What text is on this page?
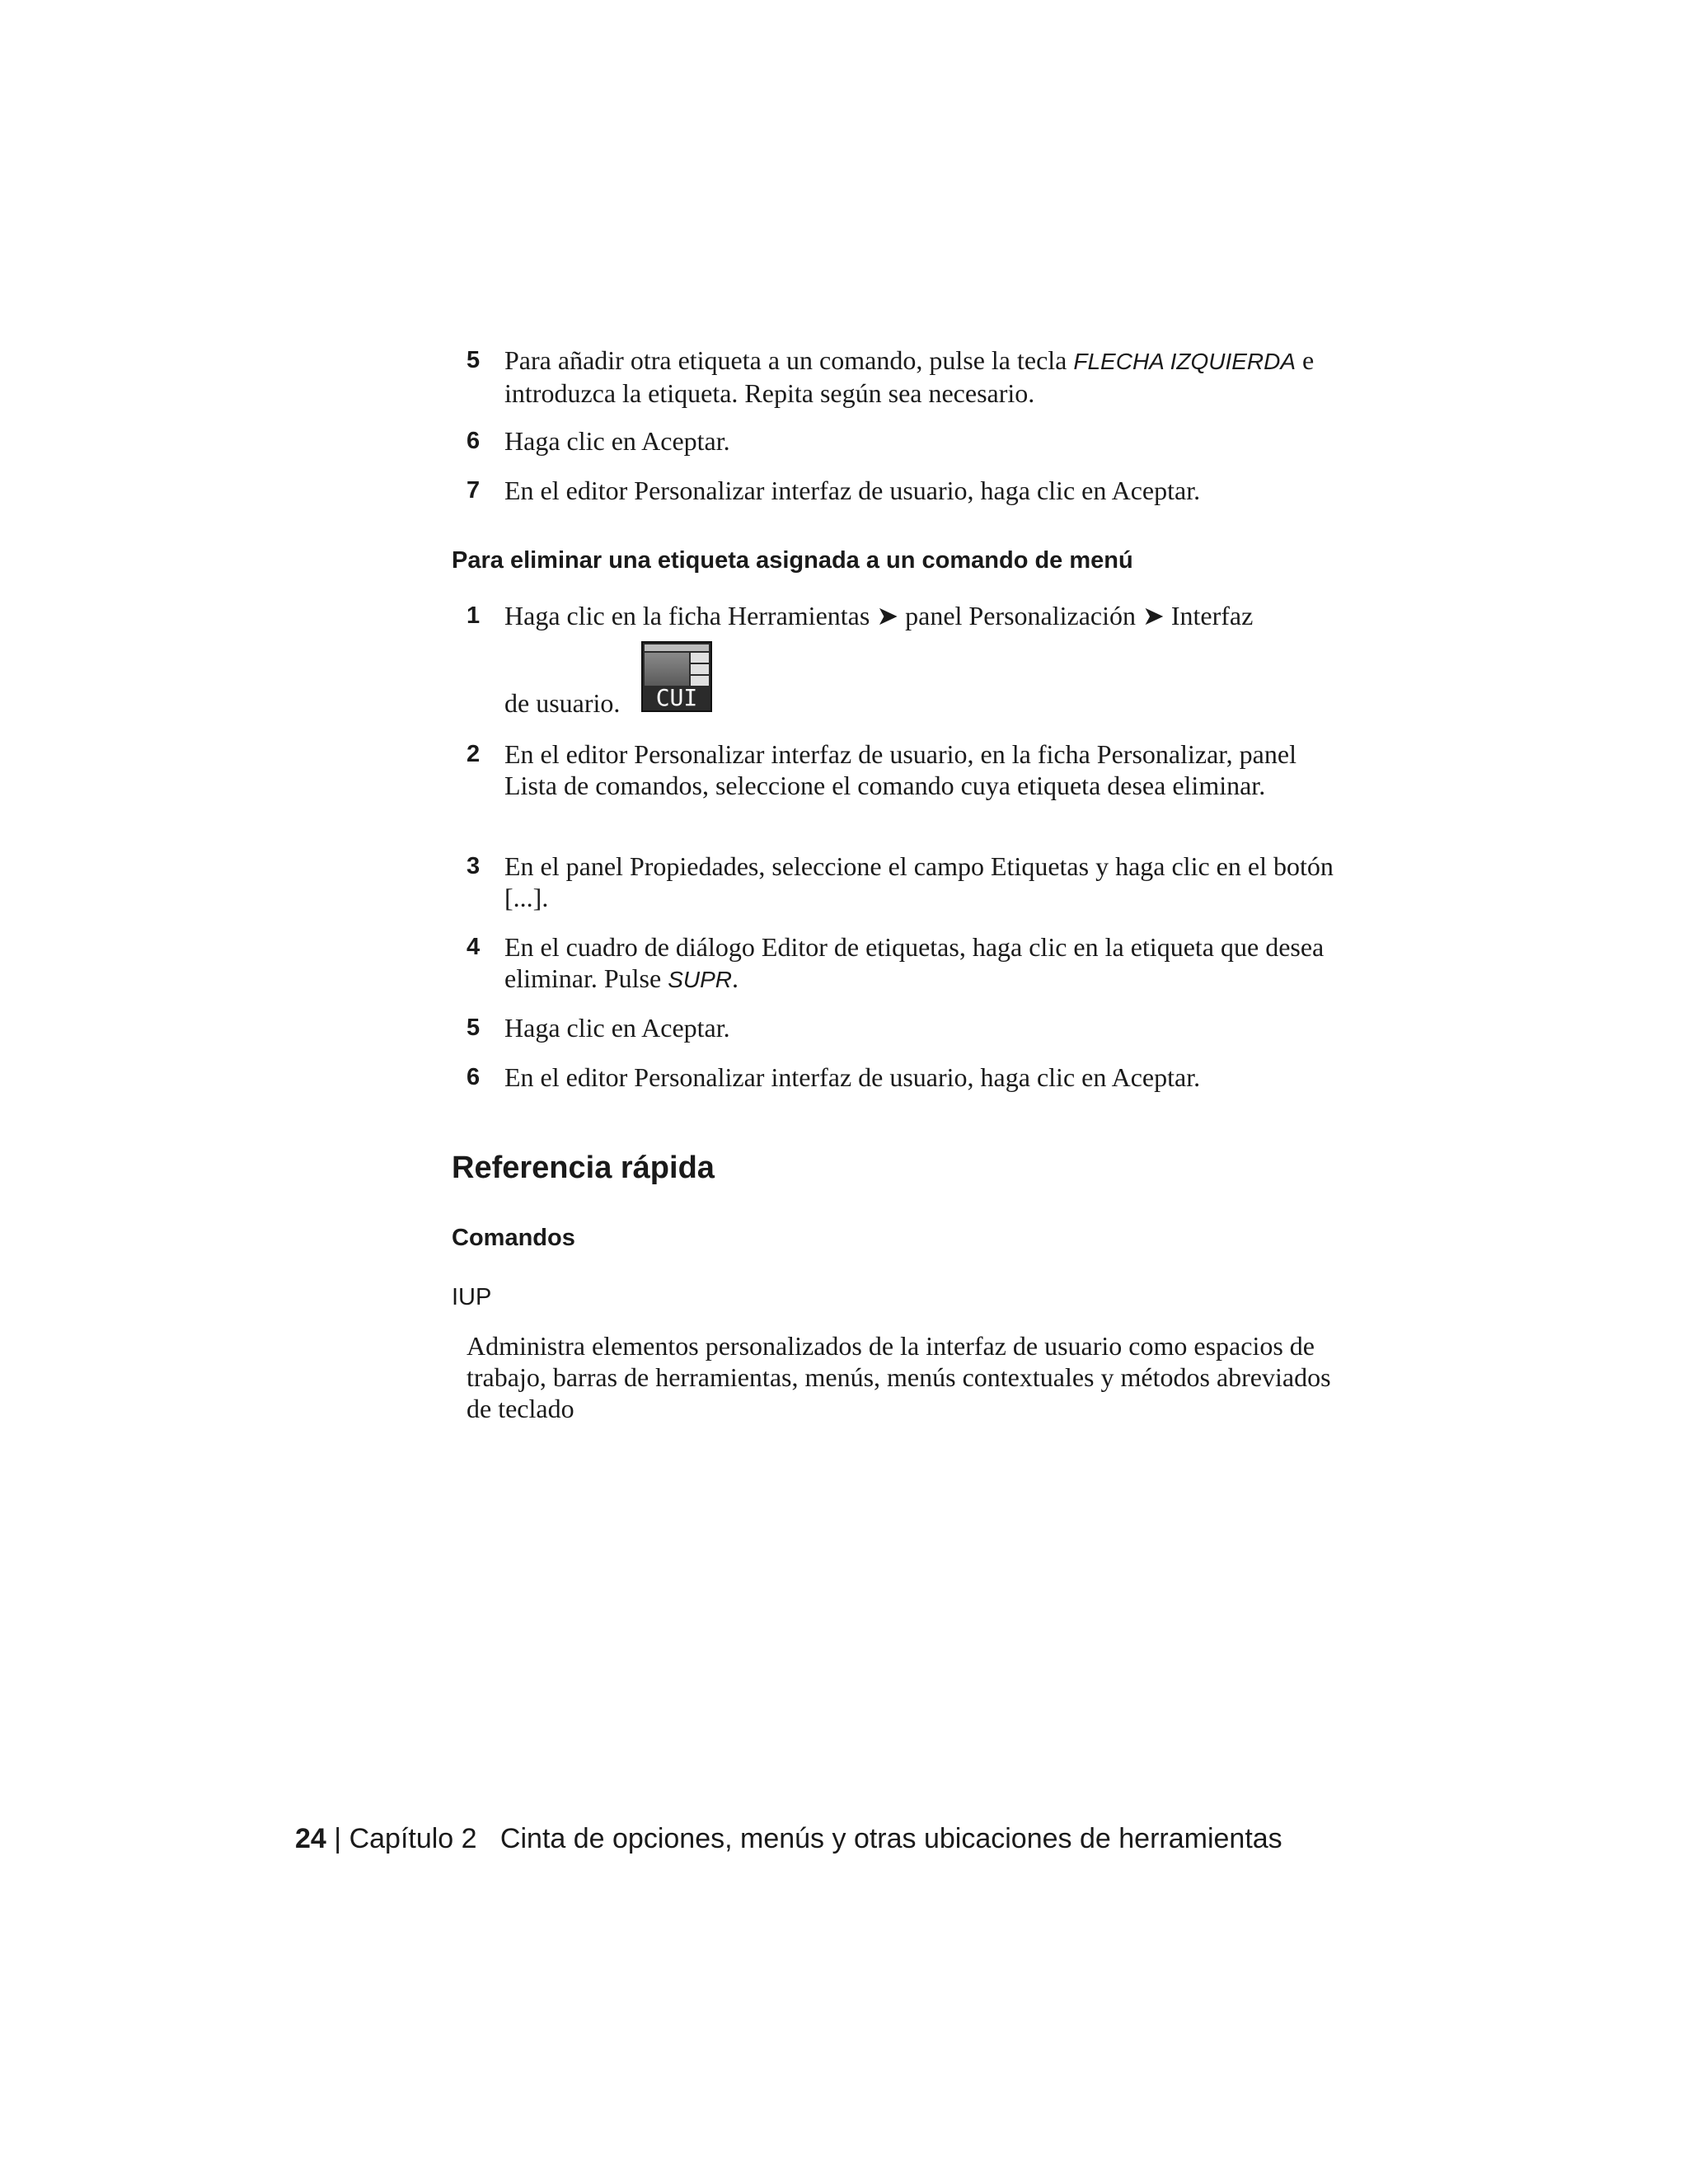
5 Para añadir otra etiqueta a un comando, pulse la tecla FLECHA IZQUIERDA e introduzca la etiqueta. Repita según sea necesario.
6 Haga clic en Aceptar.
7 En el editor Personalizar interfaz de usuario, haga clic en Aceptar.
Para eliminar una etiqueta asignada a un comando de menú
1 Haga clic en la ficha Herramientas ➤ panel Personalización ➤ Interfaz
de usuario. CUI
2 En el editor Personalizar interfaz de usuario, en la ficha Personalizar, panel Lista de comandos, seleccione el comando cuya etiqueta desea eliminar.
3 En el panel Propiedades, seleccione el campo Etiquetas y haga clic en el botón [...].
4 En el cuadro de diálogo Editor de etiquetas, haga clic en la etiqueta que desea eliminar. Pulse SUPR.
5 Haga clic en Aceptar.
6 En el editor Personalizar interfaz de usuario, haga clic en Aceptar.
Referencia rápida
Comandos
IUP
Administra elementos personalizados de la interfaz de usuario como espacios de trabajo, barras de herramientas, menús, menús contextuales y métodos abreviados de teclado
24 | Capítulo 2 Cinta de opciones, menús y otras ubicaciones de herramientas
